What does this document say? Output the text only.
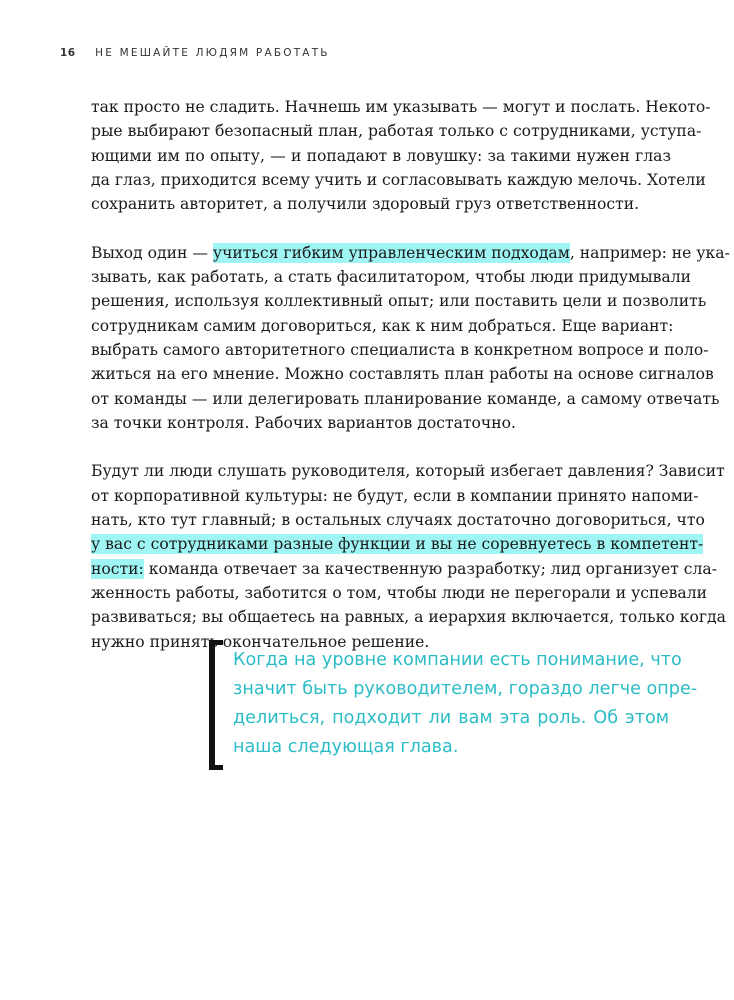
16 НЕ МЕШАЙТЕ ЛЮДЯМ РАБОТАТЬ

так просто не сладить. Начнешь им указывать — могут и послать. Некото-
рые выбирают безопасный план, работая только с сотрудниками, уступа-
ющими им по опыту, — и попадают в ловушку: за такими нужен глаз
да глаз, приходится всему учить и согласовывать каждую мелочь. Хотели
сохранить авторитет, а получили здоровый груз ответственности.

Выход один — учиться гибким управленческим подходам, например: не ука-
зывать, как работать, а стать фасилитатором, чтобы люди придумывали
решения, используя коллективный опыт; или поставить цели и позволить
сотрудникам самим договориться, как к ним добраться. Еще вариант:
выбрать самого авторитетного специалиста в конкретном вопросе и поло-
житься на его мнение. Можно составлять план работы на основе сигналов
от команды — или делегировать планирование команде, а самому отвечать
за точки контроля. Рабочих вариантов достаточно.

Будут ли люди слушать руководителя, который избегает давления? Зависит
от корпоративной культуры: не будут, если в компании принято напоми-
нать, кто тут главный; в остальных случаях достаточно договориться, что
у вас с сотрудниками разные функции и вы не соревнуетесь в компетент-
ности: команда отвечает за качественную разработку; лид организует сла-
женность работы, заботится о том, чтобы люди не перегорали и успевали
развиваться; вы общаетесь на равных, а иерархия включается, только когда
нужно принять окончательное решение.

Когда на уровне компании есть понимание, что
значит быть руководителем, гораздо легче опре-
делиться, подходит ли вам эта роль. Об этом
наша следующая глава.
